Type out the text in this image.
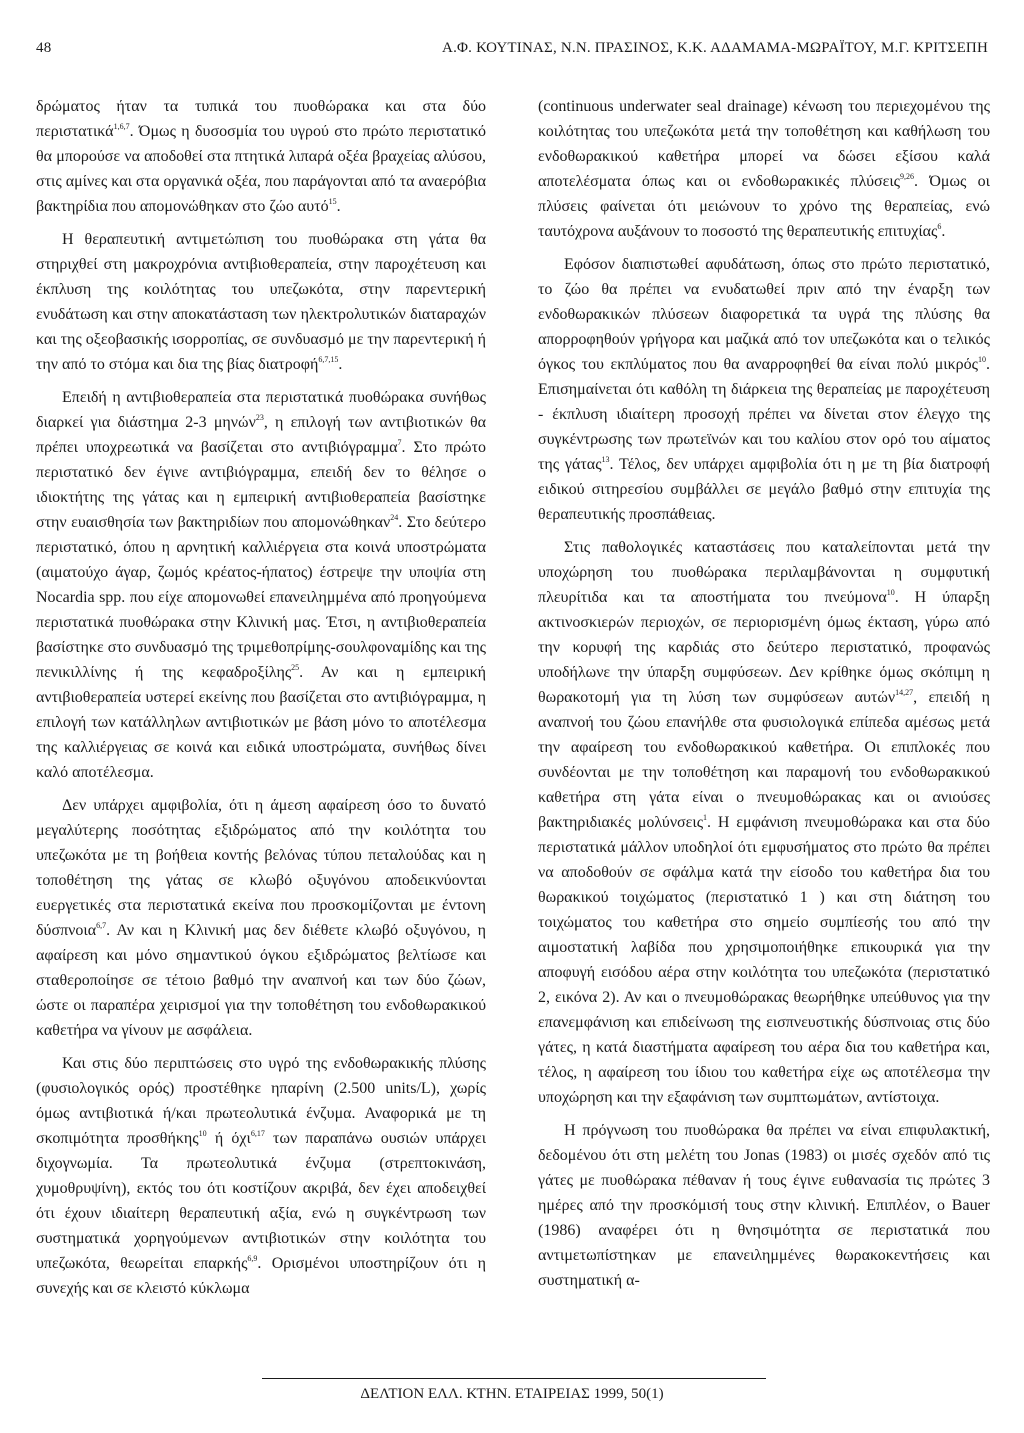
48	Α.Φ. ΚΟΥΤΙΝΑΣ, Ν.Ν. ΠΡΑΣΙΝΟΣ, Κ.Κ. ΑΔΑΜΑΜΑ-ΜΩΡΑΪΤΟΥ, Μ.Γ. ΚΡΙΤΣΕΠΗ

δρώματος ήταν τα τυπικά του πυοθώρακα και στα δύο περιστατικά$^{1,6,7}$. Όμως η δυσοσμία του υγρού στο πρώτο περιστατικό θα μπορούσε να αποδοθεί στα πτητικά λιπαρά οξέα βραχείας αλύσου, στις αμίνες και στα οργανικά οξέα, που παράγονται από τα αναερόβια βακτηρίδια που απομονώθηκαν στο ζώο αυτό$^{15}$.

Η θεραπευτική αντιμετώπιση του πυοθώρακα στη γάτα θα στηριχθεί στη μακροχρόνια αντιβιοθεραπεία, στην παροχέτευση και έκπλυση της κοιλότητας του υπεζωκότα, στην παρεντερική ενυδάτωση και στην αποκατάσταση των ηλεκτρολυτικών διαταραχών και της οξεοβασικής ισορροπίας, σε συνδυασμό με την παρεντερική ή την από το στόμα και δια της βίας διατροφή$^{6,7,15}$.

Επειδή η αντιβιοθεραπεία στα περιστατικά πυοθώρακα συνήθως διαρκεί για διάστημα 2-3 μηνών$^{23}$, η επιλογή των αντιβιοτικών θα πρέπει υποχρεωτικά να βασίζεται στο αντιβιόγραμμα$^7$. Στο πρώτο περιστατικό δεν έγινε αντιβιόγραμμα, επειδή δεν το θέλησε ο ιδιοκτήτης της γάτας και η εμπειρική αντιβιοθεραπεία βασίστηκε στην ευαισθησία των βακτηριδίων που απομονώθηκαν$^{24}$. Στο δεύτερο περιστατικό, όπου η αρνητική καλλιέργεια στα κοινά υποστρώματα (αιματούχο άγαρ, ζωμός κρέατος-ήπατος) έστρεψε την υποψία στη Nocardia spp. που είχε απομονωθεί επανειλημμένα από προηγούμενα περιστατικά πυοθώρακα στην Κλινική μας. Έτσι, η αντιβιοθεραπεία βασίστηκε στο συνδυασμό της τριμεθοπρίμης-σουλφοναμίδης και της πενικιλλίνης ή της κεφαδροξίλης$^{25}$. Αν και η εμπειρική αντιβιοθεραπεία υστερεί εκείνης που βασίζεται στο αντιβιόγραμμα, η επιλογή των κατάλληλων αντιβιοτικών με βάση μόνο το αποτέλεσμα της καλλιέργειας σε κοινά και ειδικά υποστρώματα, συνήθως δίνει καλό αποτέλεσμα.

Δεν υπάρχει αμφιβολία, ότι η άμεση αφαίρεση όσο το δυνατό μεγαλύτερης ποσότητας εξιδρώματος από την κοιλότητα του υπεζωκότα με τη βοήθεια κοντής βελόνας τύπου πεταλούδας και η τοποθέτηση της γάτας σε κλωβό οξυγόνου αποδεικνύονται ευεργετικές στα περιστατικά εκείνα που προσκομίζονται με έντονη δύσπνοια$^{6,7}$. Αν και η Κλινική μας δεν διέθετε κλωβό οξυγόνου, η αφαίρεση και μόνο σημαντικού όγκου εξιδρώματος βελτίωσε και σταθεροποίησε σε τέτοιο βαθμό την αναπνοή και των δύο ζώων, ώστε οι παραπέρα χειρισμοί για την τοποθέτηση του ενδοθωρακικού καθετήρα να γίνουν με ασφάλεια.

Και στις δύο περιπτώσεις στο υγρό της ενδοθωρακικής πλύσης (φυσιολογικός ορός) προστέθηκε ηπαρίνη (2.500 units/L), χωρίς όμως αντιβιοτικά ή/και πρωτεολυτικά ένζυμα. Αναφορικά με τη σκοπιμότητα προσθήκης$^{10}$ ή όχι$^{6,17}$ των παραπάνω ουσιών υπάρχει διχογνωμία. Τα πρωτεολυτικά ένζυμα (στρεπτοκινάση, χυμοθρυψίνη), εκτός του ότι κοστίζουν ακριβά, δεν έχει αποδειχθεί ότι έχουν ιδιαίτερη θεραπευτική αξία, ενώ η συγκέντρωση των συστηματικά χορηγούμενων αντιβιοτικών στην κοιλότητα του υπεζωκότα, θεωρείται επαρκής$^{6,9}$. Ορισμένοι υποστηρίζουν ότι η συνεχής και σε κλειστό κύκλωμα

(continuous underwater seal drainage) κένωση του περιεχομένου της κοιλότητας του υπεζωκότα μετά την τοποθέτηση και καθήλωση του ενδοθωρακικού καθετήρα μπορεί να δώσει εξίσου καλά αποτελέσματα όπως και οι ενδοθωρακικές πλύσεις$^{9,26}$. Όμως οι πλύσεις φαίνεται ότι μειώνουν το χρόνο της θεραπείας, ενώ ταυτόχρονα αυξάνουν το ποσοστό της θεραπευτικής επιτυχίας$^6$.

Εφόσον διαπιστωθεί αφυδάτωση, όπως στο πρώτο περιστατικό, το ζώο θα πρέπει να ενυδατωθεί πριν από την έναρξη των ενδοθωρακικών πλύσεων διαφορετικά τα υγρά της πλύσης θα απορροφηθούν γρήγορα και μαζικά από τον υπεζωκότα και ο τελικός όγκος του εκπλύματος που θα αναρροφηθεί θα είναι πολύ μικρός$^{10}$. Επισημαίνεται ότι καθόλη τη διάρκεια της θεραπείας με παροχέτευση - έκπλυση ιδιαίτερη προσοχή πρέπει να δίνεται στον έλεγχο της συγκέντρωσης των πρωτεϊνών και του καλίου στον ορό του αίματος της γάτας$^{13}$. Τέλος, δεν υπάρχει αμφιβολία ότι η με τη βία διατροφή ειδικού σιτηρεσίου συμβάλλει σε μεγάλο βαθμό στην επιτυχία της θεραπευτικής προσπάθειας.

Στις παθολογικές καταστάσεις που καταλείπονται μετά την υποχώρηση του πυοθώρακα περιλαμβάνονται η συμφυτική πλευρίτιδα και τα αποστήματα του πνεύμονα$^{10}$. Η ύπαρξη ακτινοσκιερών περιοχών, σε περιορισμένη όμως έκταση, γύρω από την κορυφή της καρδιάς στο δεύτερο περιστατικό, προφανώς υποδήλωνε την ύπαρξη συμφύσεων. Δεν κρίθηκε όμως σκόπιμη η θωρακοτομή για τη λύση των συμφύσεων αυτών$^{14,27}$, επειδή η αναπνοή του ζώου επανήλθε στα φυσιολογικά επίπεδα αμέσως μετά την αφαίρεση του ενδοθωρακικού καθετήρα. Οι επιπλοκές που συνδέονται με την τοποθέτηση και παραμονή του ενδοθωρακικού καθετήρα στη γάτα είναι ο πνευμοθώρακας και οι ανιούσες βακτηριδιακές μολύνσεις$^1$. Η εμφάνιση πνευμοθώρακα και στα δύο περιστατικά μάλλον υποδηλοί ότι εμφυσήματος στο πρώτο θα πρέπει να αποδοθούν σε σφάλμα κατά την είσοδο του καθετήρα δια του θωρακικού τοιχώματος (περιστατικό 1 ) και στη διάτηση του τοιχώματος του καθετήρα στο σημείο συμπίεσής του από την αιμοστατική λαβίδα που χρησιμοποιήθηκε επικουρικά για την αποφυγή εισόδου αέρα στην κοιλότητα του υπεζωκότα (περιστατικό 2, εικόνα 2). Αν και ο πνευμοθώρακας θεωρήθηκε υπεύθυνος για την επανεμφάνιση και επιδείνωση της εισπνευστικής δύσπνοιας στις δύο γάτες, η κατά διαστήματα αφαίρεση του αέρα δια του καθετήρα και, τέλος, η αφαίρεση του ίδιου του καθετήρα είχε ως αποτέλεσμα την υποχώρηση και την εξαφάνιση των συμπτωμάτων, αντίστοιχα.

Η πρόγνωση του πυοθώρακα θα πρέπει να είναι επιφυλακτική, δεδομένου ότι στη μελέτη του Jonas (1983) οι μισές σχεδόν από τις γάτες με πυοθώρακα πέθαναν ή τους έγινε ευθανασία τις πρώτες 3 ημέρες από την προσκόμισή τους στην κλινική. Επιπλέον, ο Bauer (1986) αναφέρει ότι η θνησιμότητα σε περιστατικά που αντιμετωπίστηκαν με επανειλημμένες θωρακοκεντήσεις και συστηματική α-

ΔΕΛΤΙΟΝ ΕΛΛ. ΚΤΗΝ. ΕΤΑΙΡΕΙΑΣ 1999, 50(1)
